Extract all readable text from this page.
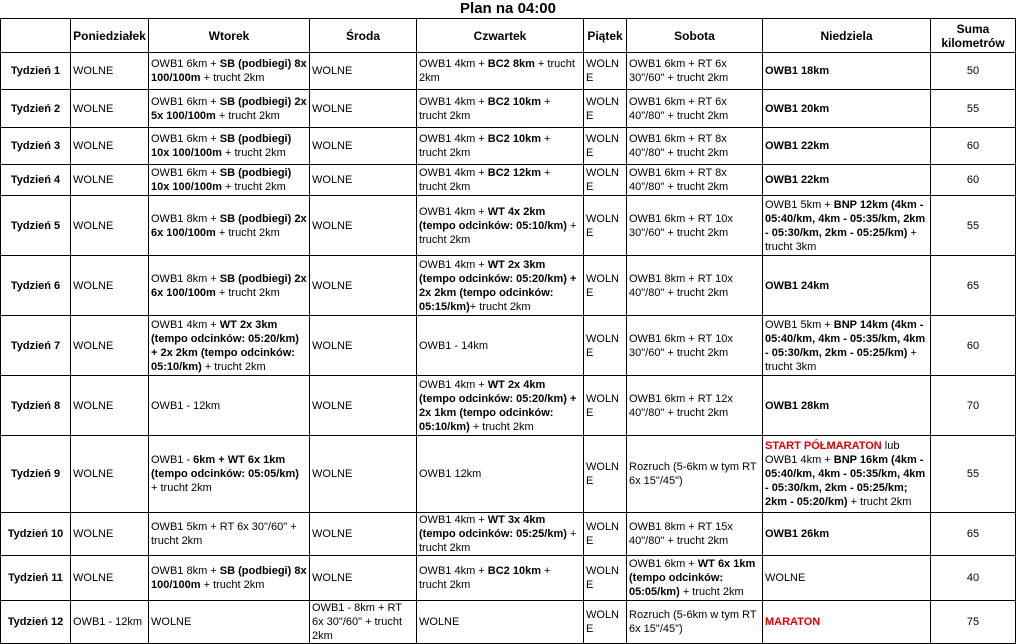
Plan na 04:00
	Poniedziałek	Wtorek	Środa	Czwartek	Piątek	Sobota	Niedziela	Suma kilometrów
Tydzień 1	WOLNE	OWB1 6km + SB (podbiegi) 8x 100/100m + trucht 2km	WOLNE	OWB1 4km + BC2 8km + trucht 2km	WOLNE	OWB1 6km + RT 6x 30"/60" + trucht 2km	OWB1 18km	50
Tydzień 2	WOLNE	OWB1 6km + SB (podbiegi) 2x 5x 100/100m + trucht 2km	WOLNE	OWB1 4km + BC2 10km + trucht 2km	WOLNE	OWB1 6km + RT 6x 40"/80" + trucht 2km	OWB1 20km	55
Tydzień 3	WOLNE	OWB1 6km + SB (podbiegi) 10x 100/100m + trucht 2km	WOLNE	OWB1 4km + BC2 10km + trucht 2km	WOLNE	OWB1 6km + RT 8x 40"/80" + trucht 2km	OWB1 22km	60
Tydzień 4	WOLNE	OWB1 6km + SB (podbiegi) 10x 100/100m + trucht 2km	WOLNE	OWB1 4km + BC2 12km + trucht 2km	WOLNE	OWB1 6km + RT 8x 40"/80" + trucht 2km	OWB1 22km	60
Tydzień 5	WOLNE	OWB1 8km + SB (podbiegi) 2x 6x 100/100m + trucht 2km	WOLNE	OWB1 4km + WT 4x 2km (tempo odcinków: 05:10/km) + trucht 2km	WOLNE	OWB1 6km + RT 10x 30"/60" + trucht 2km	OWB1 5km + BNP 12km (4km - 05:40/km, 4km - 05:35/km, 2km - 05:30/km, 2km - 05:25/km) + trucht 3km	55
Tydzień 6	WOLNE	OWB1 8km + SB (podbiegi) 2x 6x 100/100m + trucht 2km	WOLNE	OWB1 4km + WT 2x 3km (tempo odcinków: 05:20/km) + 2x 2km (tempo odcinków: 05:15/km)+ trucht 2km	WOLNE	OWB1 8km + RT 10x 40"/80" + trucht 2km	OWB1 24km	65
Tydzień 7	WOLNE	OWB1 4km + WT 2x 3km (tempo odcinków: 05:20/km) + 2x 2km (tempo odcinków: 05:10/km) + trucht 2km	WOLNE	OWB1 - 14km	WOLNE	OWB1 6km + RT 10x 30"/60" + trucht 2km	OWB1 5km + BNP 14km (4km - 05:40/km, 4km - 05:35/km, 4km - 05:30/km, 2km - 05:25/km) + trucht 3km	60
Tydzień 8	WOLNE	OWB1 - 12km	WOLNE	OWB1 4km + WT 2x 4km (tempo odcinków: 05:20/km) + 2x 1km (tempo odcinków: 05:10/km) + trucht 2km	WOLNE	OWB1 6km + RT 12x 40"/80" + trucht 2km	OWB1 28km	70
Tydzień 9	WOLNE	OWB1 - 6km + WT 6x 1km (tempo odcinków: 05:05/km) + trucht 2km	WOLNE	OWB1 12km	WOLNE	Rozruch (5-6km w tym RT 6x 15"/45")	START PÓŁMARATON lub OWB1 4km + BNP 16km (4km - 05:40/km, 4km - 05:35/km, 4km - 05:30/km, 2km - 05:25/km; 2km - 05:20/km) + trucht 2km	55
Tydzień 10	WOLNE	OWB1 5km + RT 6x 30"/60" + trucht 2km	WOLNE	OWB1 4km + WT 3x 4km (tempo odcinków: 05:25/km) + trucht 2km	WOLNE	OWB1 8km + RT 15x 40"/80" + trucht 2km	OWB1 26km	65
Tydzień 11	WOLNE	OWB1 8km + SB (podbiegi) 8x 100/100m + trucht 2km	WOLNE	OWB1 4km + BC2 10km + trucht 2km	WOLNE	OWB1 6km + WT 6x 1km (tempo odcinków: 05:05/km) + trucht 2km	WOLNE	40
Tydzień 12	OWB1 - 12km	WOLNE	OWB1 - 8km + RT 6x 30"/60" + trucht 2km	WOLNE	WOLNE	Rozruch (5-6km w tym RT 6x 15"/45")	MARATON	75
